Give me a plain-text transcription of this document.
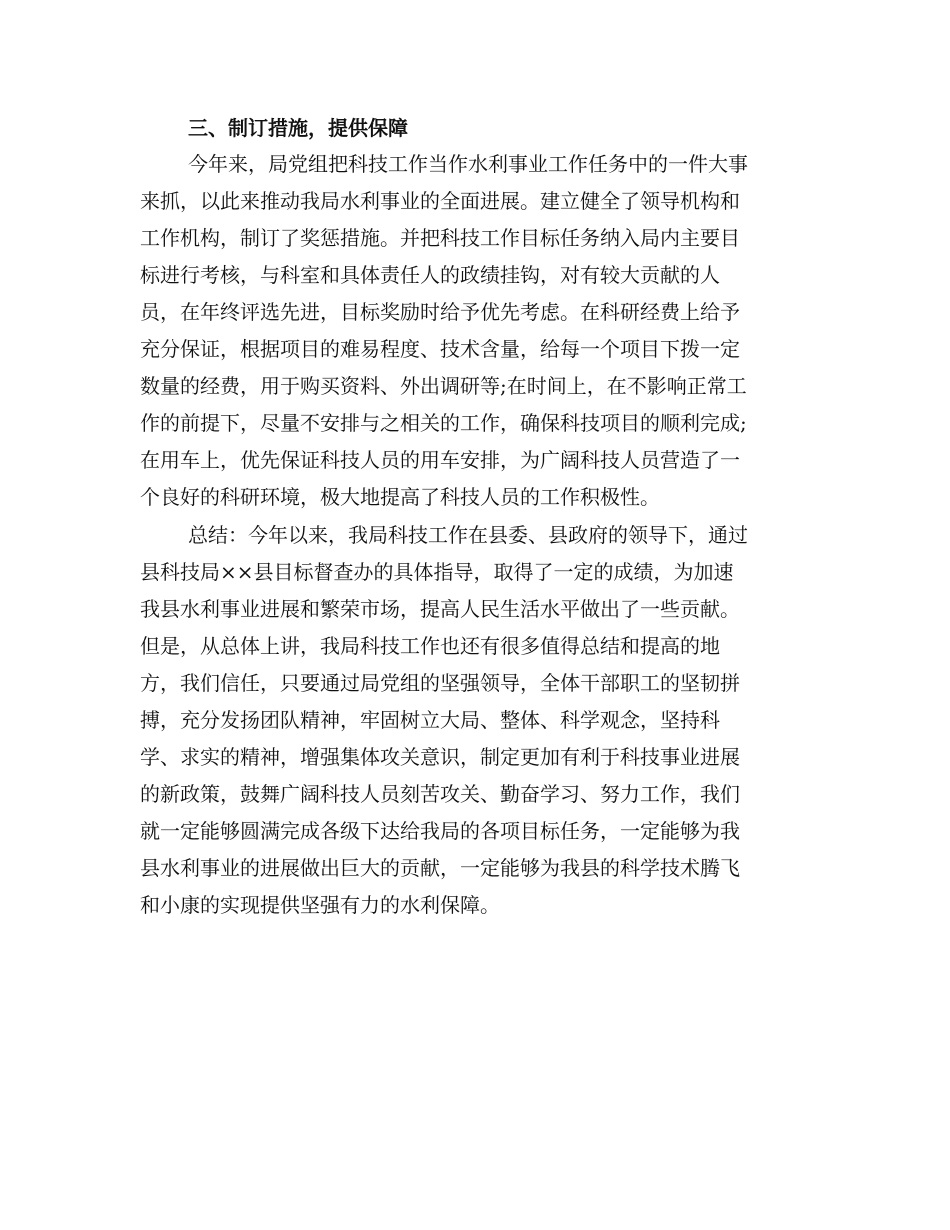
三、制订措施，提供保障
今年来，局党组把科技工作当作水利事业工作任务中的一件大事
来抓，以此来推动我局水利事业的全面进展。建立健全了领导机构和
工作机构，制订了奖惩措施。并把科技工作目标任务纳入局内主要目
标进行考核，与科室和具体责任人的政绩挂钩，对有较大贡献的人
员，在年终评选先进，目标奖励时给予优先考虑。在科研经费上给予
充分保证，根据项目的难易程度、技术含量，给每一个项目下拨一定
数量的经费，用于购买资料、外出调研等;在时间上，在不影响正常工
作的前提下，尽量不安排与之相关的工作，确保科技项目的顺利完成;
在用车上，优先保证科技人员的用车安排，为广阔科技人员营造了一
个良好的科研环境，极大地提高了科技人员的工作积极性。
总结：今年以来，我局科技工作在县委、县政府的领导下，通过
县科技局××县目标督查办的具体指导，取得了一定的成绩，为加速
我县水利事业进展和繁荣市场，提高人民生活水平做出了一些贡献。
但是，从总体上讲，我局科技工作也还有很多值得总结和提高的地
方，我们信任，只要通过局党组的坚强领导，全体干部职工的坚韧拼
搏，充分发扬团队精神，牢固树立大局、整体、科学观念，坚持科
学、求实的精神，增强集体攻关意识，制定更加有利于科技事业进展
的新政策，鼓舞广阔科技人员刻苦攻关、勤奋学习、努力工作，我们
就一定能够圆满完成各级下达给我局的各项目标任务，一定能够为我
县水利事业的进展做出巨大的贡献，一定能够为我县的科学技术腾飞
和小康的实现提供坚强有力的水利保障。
